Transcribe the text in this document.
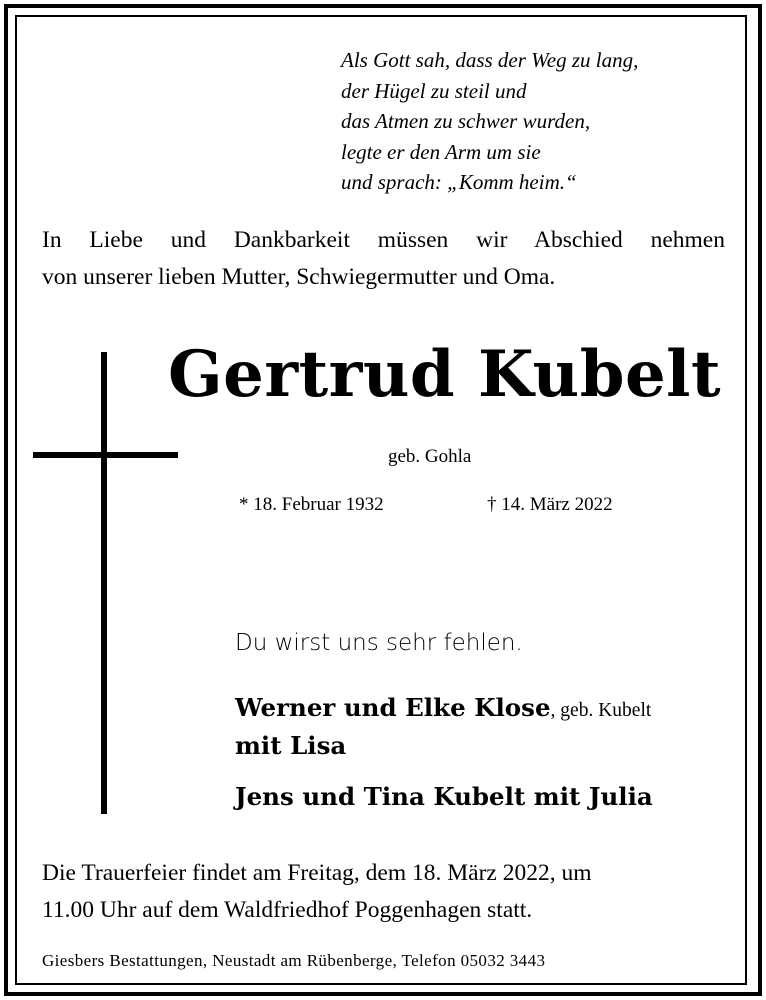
Als Gott sah, dass der Weg zu lang,
der Hügel zu steil und
das Atmen zu schwer wurden,
legte er den Arm um sie
und sprach: „Komm heim.“
In Liebe und Dankbarkeit müssen wir Abschied nehmen
von unserer lieben Mutter, Schwiegermutter und Oma.
Gertrud Kubelt
geb. Gohla
* 18. Februar 1932	† 14. März 2022
Du wirst uns sehr fehlen.
Werner und Elke Klose, geb. Kubelt
mit Lisa
Jens und Tina Kubelt mit Julia
Die Trauerfeier findet am Freitag, dem 18. März 2022, um
11.00 Uhr auf dem Waldfriedhof Poggenhagen statt.
Giesbers Bestattungen, Neustadt am Rübenberge, Telefon 05032 3443
